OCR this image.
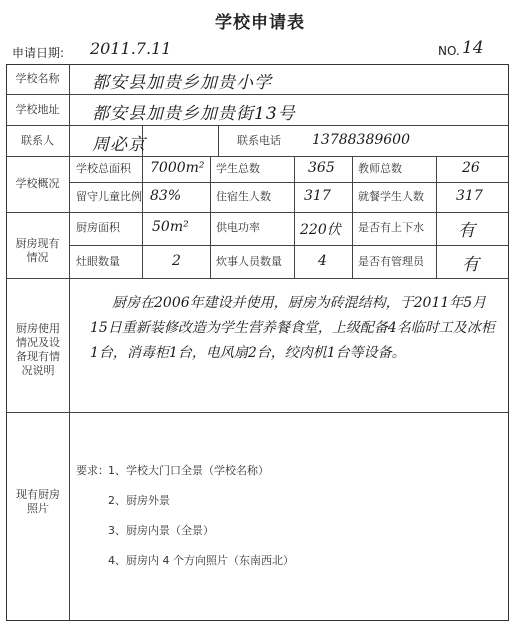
学校申请表
申请日期: 2011.7.11	NO. 14
学校名称	都安县加贵乡加贵小学
学校地址	都安县加贵乡加贵街13号
联系人	周必京	联系电话	13788389600
学校概况
学校总面积 7000m² 学生总数	365 教师总数	26
留守儿童比例 83%	住宿生人数 317 就餐学生人数 317
厨房现有情况
厨房面积 50m² 供电功率	220伏 是否有上下水 有
灶眼数量	2	炊事人员数量	4	是否有管理员 有
厨房使用情况及设备现有情况说明
厨房在2006年建设并使用，厨房为砖混结构，于2011年5月15日重新装修改造为学生营养餐食堂，上级配备4名临时工及冰柜1台，消毒柜1台，电风扇2台，绞肉机1台等设备。
现有厨房照片
要求： 1、学校大门口全景（学校名称）
2、厨房外景
3、厨房内景（全景）
4、厨房内 4 个方向照片（东南西北）
